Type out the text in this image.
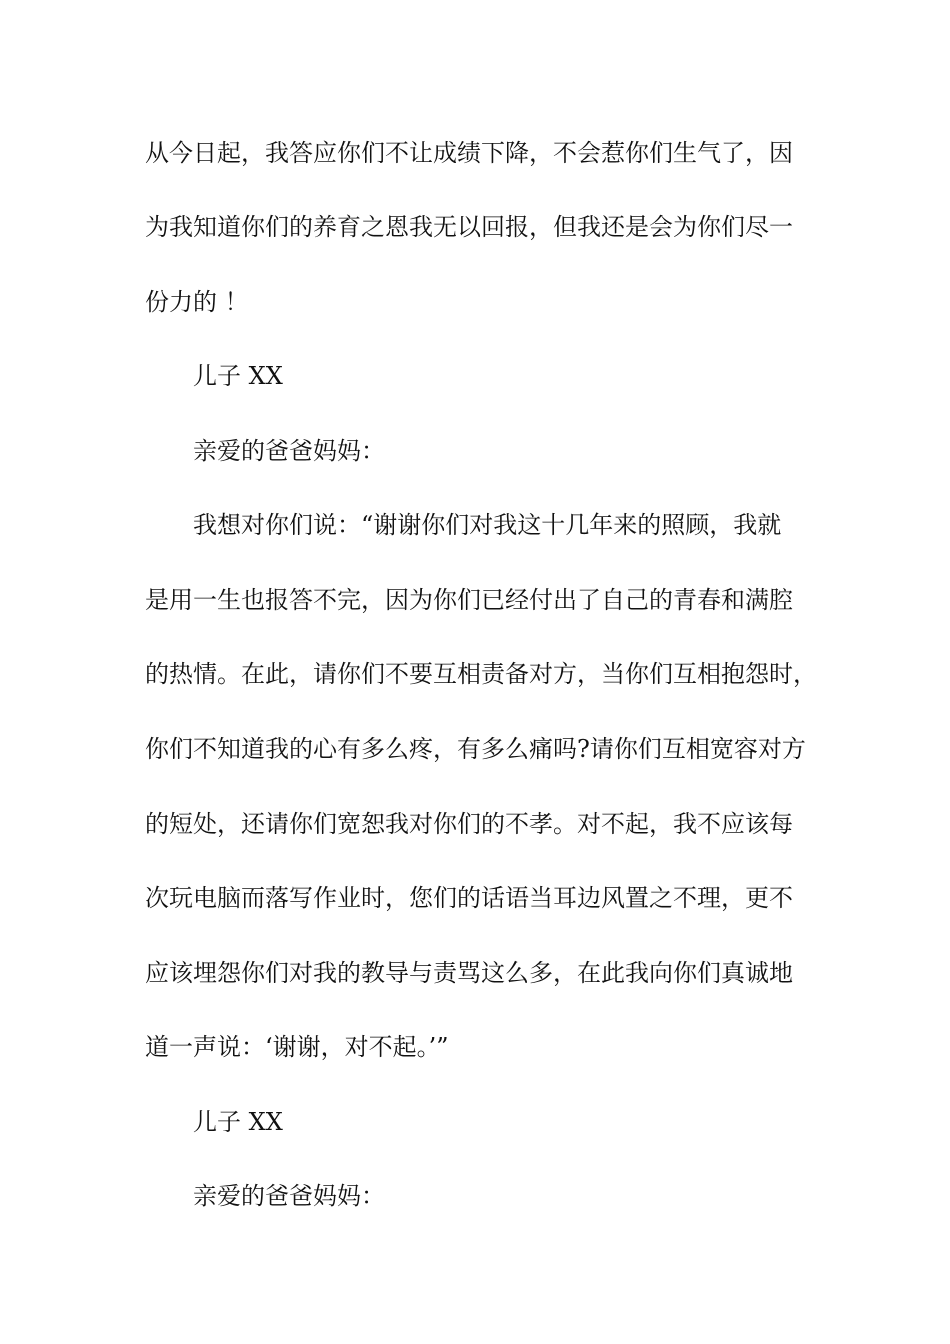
从今日起，我答应你们不让成绩下降，不会惹你们生气了，因
为我知道你们的养育之恩我无以回报，但我还是会为你们尽一
份力的 ！
儿子 XX
亲爱的爸爸妈妈：
我想对你们说：“谢谢你们对我这十几年来的照顾，我就
是用一生也报答不完，因为你们已经付出了自己的青春和满腔
的热情。在此，请你们不要互相责备对方，当你们互相抱怨时，
你们不知道我的心有多么疼，有多么痛吗?请你们互相宽容对方
的短处，还请你们宽恕我对你们的不孝。对不起，我不应该每
次玩电脑而落写作业时，您们的话语当耳边风置之不理，更不
应该埋怨你们对我的教导与责骂这么多，在此我向你们真诚地
道一声说：‘谢谢，对不起。’”
儿子 XX
亲爱的爸爸妈妈：
